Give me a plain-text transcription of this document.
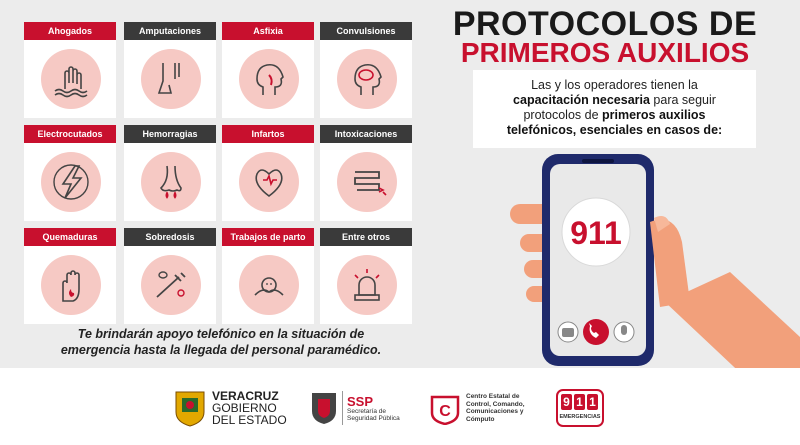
Ahogados	Amputaciones	Asfixia	Convulsiones
Electrocutados	Hemorragias	Infartos	Intoxicaciones
Quemaduras	Sobredosis	Trabajos de parto	Entre otros
Te brindarán apoyo telefónico en la situación de
emergencia hasta la llegada del personal paramédico.
PROTOCOLOS DE
PRIMEROS AUXILIOS
Las y los operadores tienen la
capacitación necesaria para seguir
protocolos de primeros auxilios
telefónicos, esenciales en casos de:
911
VERACRUZ
GOBIERNO
DEL ESTADO
SSP
Secretaría de
Seguridad Pública C
Centro Estatal de
Control, Comando,
Comunicaciones y
Cómputo
9 1 1
EMERGENCIAS
